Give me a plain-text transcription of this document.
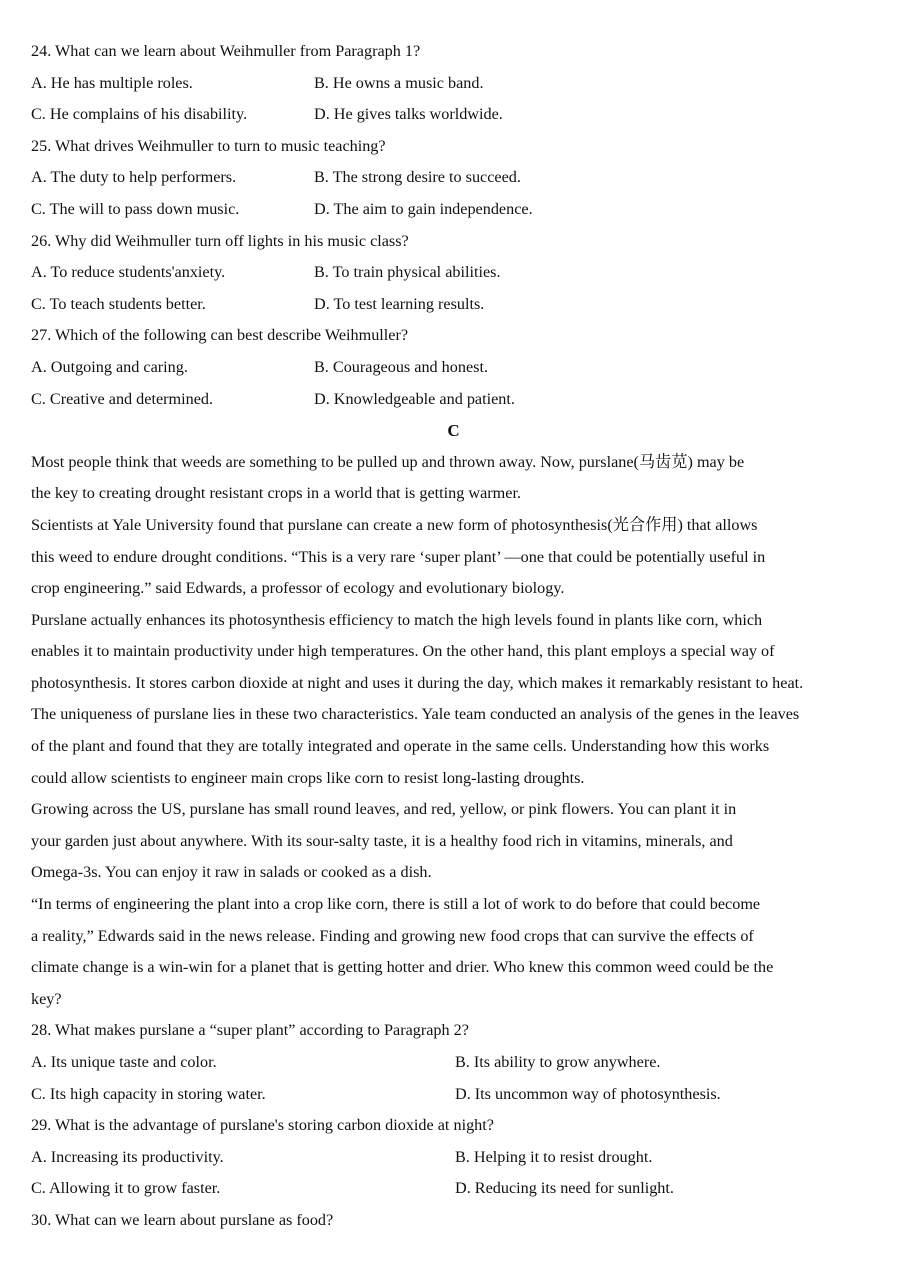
24. What can we learn about Weihmuller from Paragraph 1?
A. He has multiple roles.	B. He owns a music band.
C. He complains of his disability.	D. He gives talks worldwide.
25. What drives Weihmuller to turn to music teaching?
A. The duty to help performers.	B. The strong desire to succeed.
C. The will to pass down music.	D. The aim to gain independence.
26. Why did Weihmuller turn off lights in his music class?
A. To reduce students'anxiety.	B. To train physical abilities.
C. To teach students better.	D. To test learning results.
27. Which of the following can best describe Weihmuller?
A. Outgoing and caring.	B. Courageous and honest.
C. Creative and determined.	D. Knowledgeable and patient.
C
Most people think that weeds are something to be pulled up and thrown away. Now, purslane(马齿苋) may be
the key to creating drought resistant crops in a world that is getting warmer.
Scientists at Yale University found that purslane can create a new form of photosynthesis(光合作用) that allows
this weed to endure drought conditions. “This is a very rare ‘super plant’ —one that could be potentially useful in
crop engineering.” said Edwards, a professor of ecology and evolutionary biology.
Purslane actually enhances its photosynthesis efficiency to match the high levels found in plants like corn, which
enables it to maintain productivity under high temperatures. On the other hand, this plant employs a special way of
photosynthesis. It stores carbon dioxide at night and uses it during the day, which makes it remarkably resistant to heat.
The uniqueness of purslane lies in these two characteristics. Yale team conducted an analysis of the genes in the leaves
of the plant and found that they are totally integrated and operate in the same cells. Understanding how this works
could allow scientists to engineer main crops like corn to resist long-lasting droughts.
Growing across the US, purslane has small round leaves, and red, yellow, or pink flowers. You can plant it in
your garden just about anywhere. With its sour-salty taste, it is a healthy food rich in vitamins, minerals, and
Omega-3s. You can enjoy it raw in salads or cooked as a dish.
“In terms of engineering the plant into a crop like corn, there is still a lot of work to do before that could become
a reality,” Edwards said in the news release. Finding and growing new food crops that can survive the effects of
climate change is a win-win for a planet that is getting hotter and drier. Who knew this common weed could be the
key?
28. What makes purslane a “super plant” according to Paragraph 2?
A. Its unique taste and color.	B. Its ability to grow anywhere.
C. Its high capacity in storing water.	D. Its uncommon way of photosynthesis.
29. What is the advantage of purslane's storing carbon dioxide at night?
A. Increasing its productivity.	B. Helping it to resist drought.
C. Allowing it to grow faster.	D. Reducing its need for sunlight.
30. What can we learn about purslane as food?
